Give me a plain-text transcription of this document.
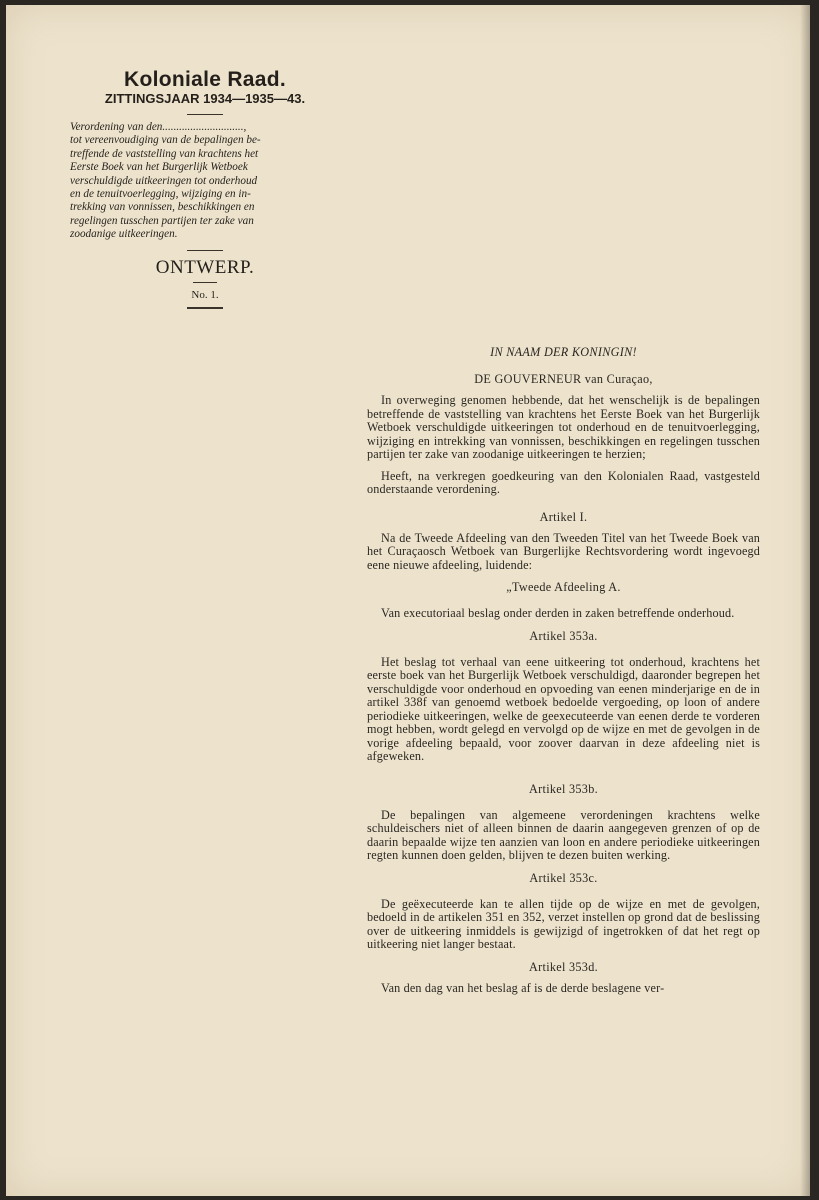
Koloniale Raad.
ZITTINGSJAAR 1934—1935—43.
Verordening van den.............................,
tot vereenvoudiging van de bepalingen be-
treffende de vaststelling van krachtens het
Eerste Boek van het Burgerlijk Wetboek
verschuldigde uitkeeringen tot onderhoud
en de tenuitvoerlegging, wijziging en in-
trekking van vonnissen, beschikkingen en
regelingen tusschen partijen ter zake van
zoodanige uitkeeringen.
ONTWERP.
No. 1.
IN NAAM DER KONINGIN!
DE GOUVERNEUR van Curaçao,
In overweging genomen hebbende, dat het wenschelijk is de bepalingen betreffende de vaststelling van krachtens het Eerste Boek van het Burgerlijk Wetboek verschuldigde uitkeeringen tot onderhoud en de tenuitvoerlegging, wijziging en intrekking van vonnissen, beschikkingen en regelingen tusschen partijen ter zake van zoodanige uitkeeringen te herzien;
Heeft, na verkregen goedkeuring van den Kolonialen Raad, vastgesteld onderstaande verordening.
Artikel I.
Na de Tweede Afdeeling van den Tweeden Titel van het Tweede Boek van het Curaçaosch Wetboek van Burgerlijke Rechtsvordering wordt ingevoegd eene nieuwe afdeeling, luidende:
„Tweede Afdeeling A.
Van executoriaal beslag onder derden in zaken betreffende onderhoud.
Artikel 353a.
Het beslag tot verhaal van eene uitkeering tot onderhoud, krachtens het eerste boek van het Burgerlijk Wetboek verschuldigd, daaronder begrepen het verschuldigde voor onderhoud en opvoeding van eenen minderjarige en de in artikel 338f van genoemd wetboek bedoelde vergoeding, op loon of andere periodieke uitkeeringen, welke de geexecuteerde van eenen derde te vorderen mogt hebben, wordt gelegd en vervolgd op de wijze en met de gevolgen in de vorige afdeeling bepaald, voor zoover daarvan in deze afdeeling niet is afgeweken.
Artikel 353b.
De bepalingen van algemeene verordeningen krachtens welke schuldeischers niet of alleen binnen de daarin aangegeven grenzen of op de daarin bepaalde wijze ten aanzien van loon en andere periodieke uitkeeringen regten kunnen doen gelden, blijven te dezen buiten werking.
Artikel 353c.
De geëxecuteerde kan te allen tijde op de wijze en met de gevolgen, bedoeld in de artikelen 351 en 352, verzet instellen op grond dat de beslissing over de uitkeering inmiddels is gewijzigd of ingetrokken of dat het regt op uitkeering niet langer bestaat.
Artikel 353d.
Van den dag van het beslag af is de derde beslagene ver-
